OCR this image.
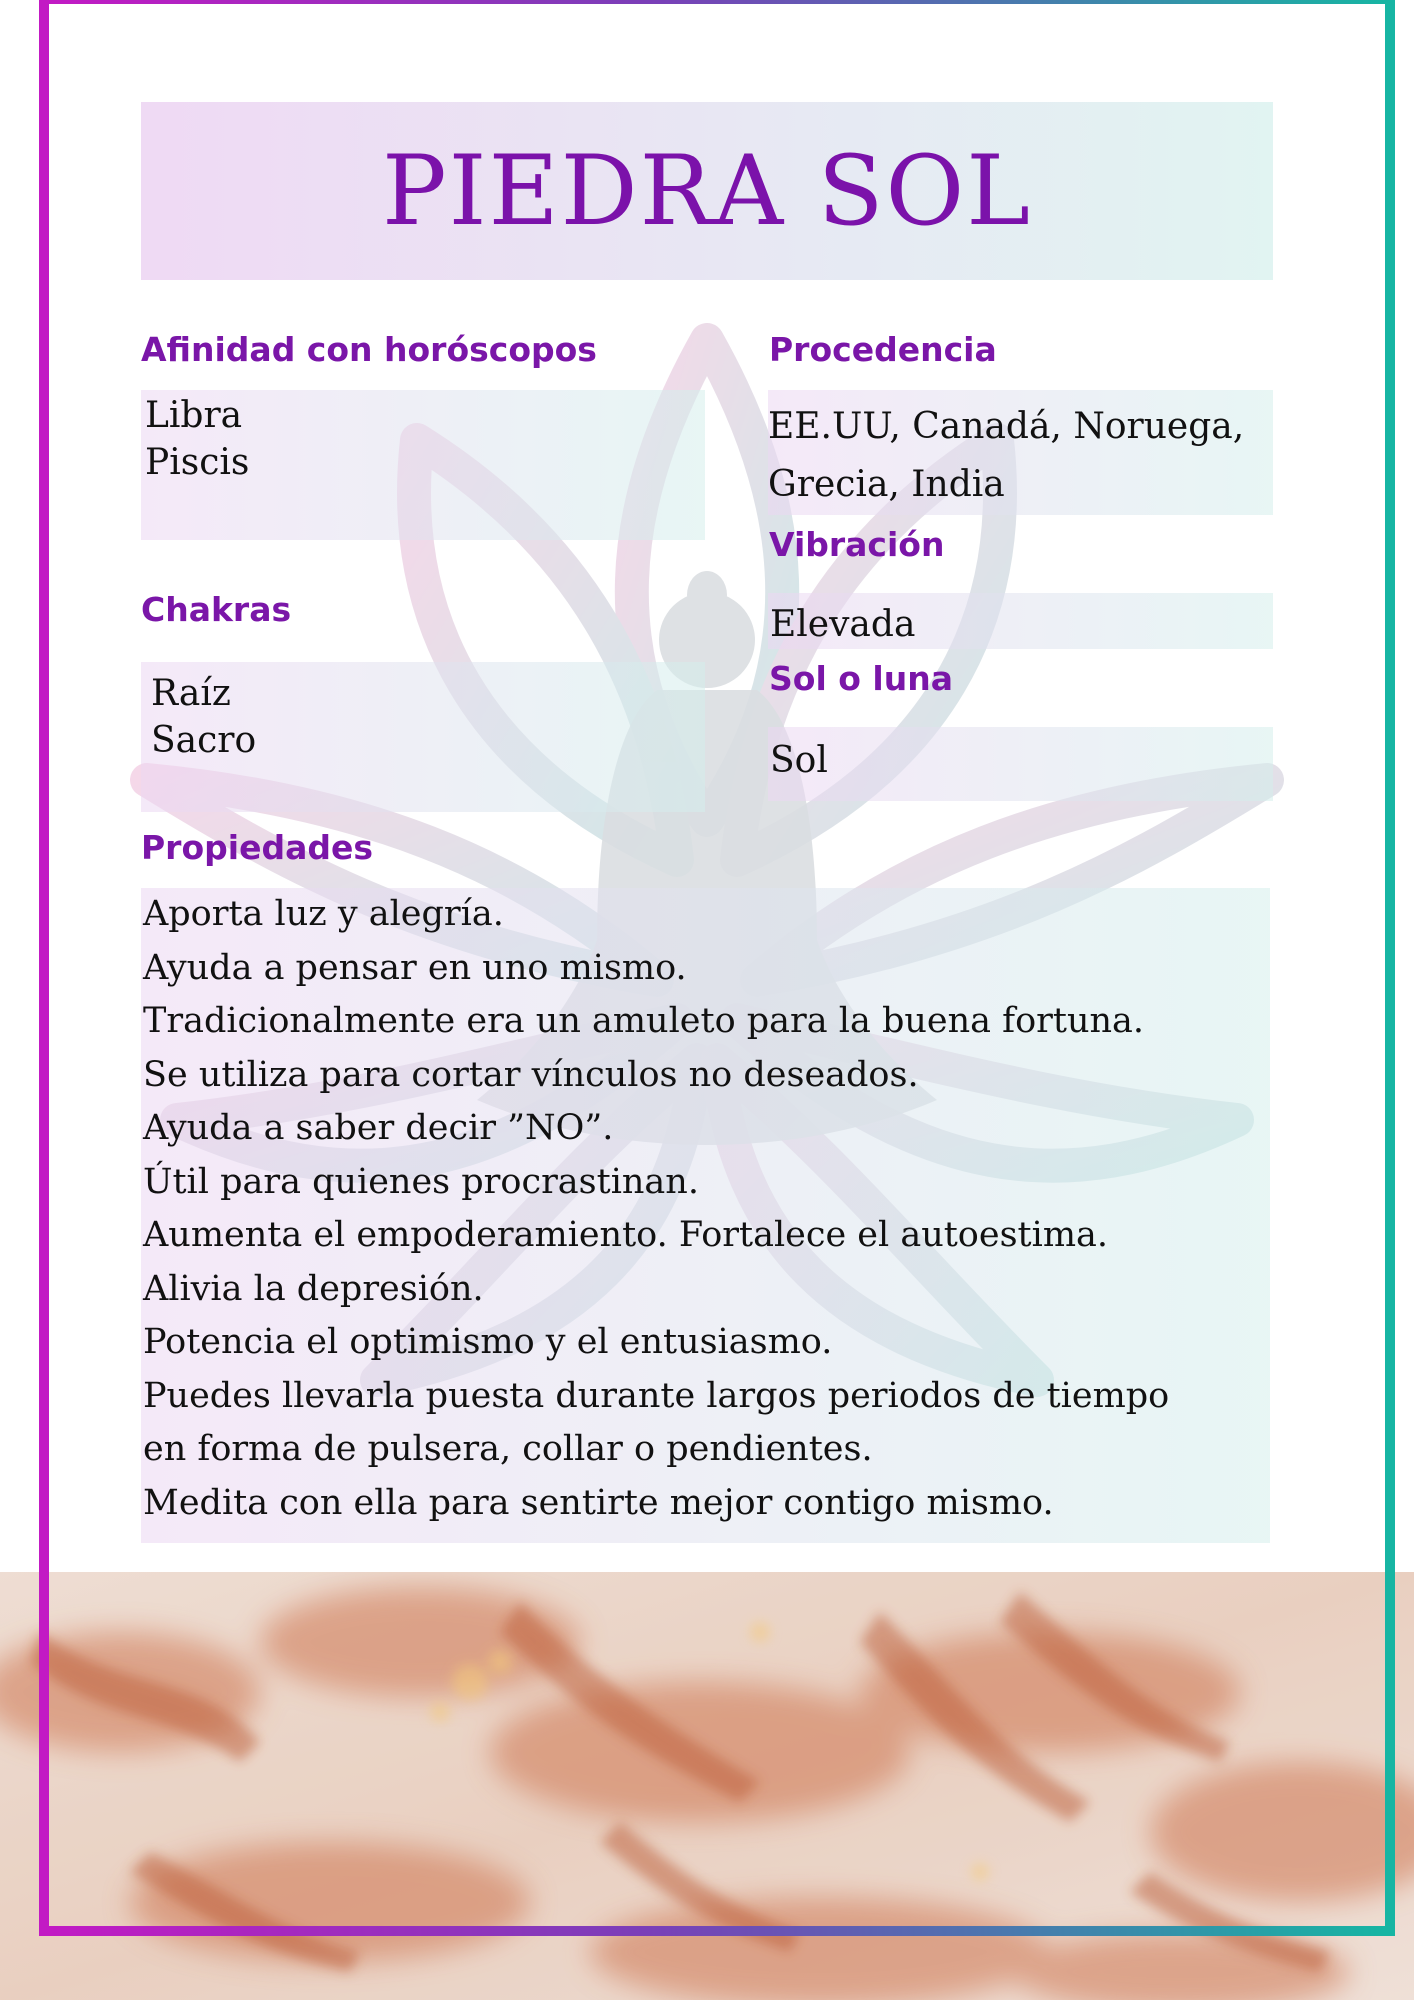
PIEDRA SOL
Afinidad con horóscopos
Libra
Piscis
Chakras
Raíz
Sacro
Procedencia
EE.UU, Canadá, Noruega,
Grecia, India
Vibración
Elevada
Sol o luna
Sol
Propiedades
Aporta luz y alegría.
Ayuda a pensar en uno mismo.
Tradicionalmente era un amuleto para la buena fortuna.
Se utiliza para cortar vínculos no deseados.
Ayuda a saber decir ”NO”.
Útil para quienes procrastinan.
Aumenta el empoderamiento. Fortalece el autoestima.
Alivia la depresión.
Potencia el optimismo y el entusiasmo.
Puedes llevarla puesta durante largos periodos de tiempo
en forma de pulsera, collar o pendientes.
Medita con ella para sentirte mejor contigo mismo.
